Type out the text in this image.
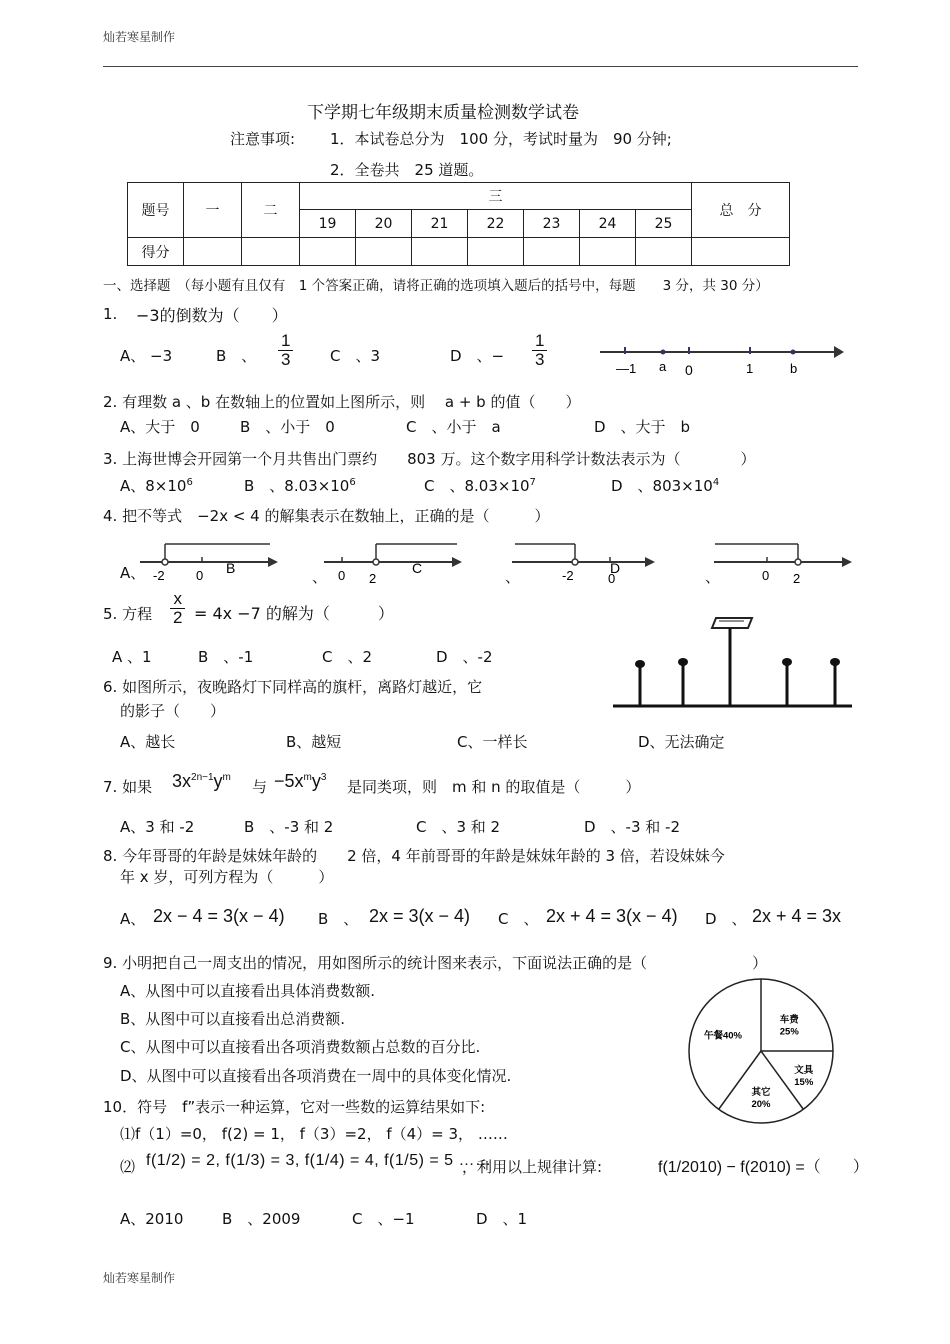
灿若寒星制作
灿若寒星制作
下学期七年级期末质量检测数学试卷
注意事项: 1．本试卷总分为　100 分，考试时量为　90 分钟;
2．全卷共　25 道题。
题号	一	二	三							总　分
			19	20	21	22	23	24	25	
得分										
一、选择题　（每小题有且仅有　1 个答案正确，请将正确的选项填入题后的括号中，每题　　3 分，共 30 分）
1. −3的倒数为（　　）
A、 −3	B　、 $\frac{1}{3}$ C　、3	D　、− $\frac{1}{3}$	—1 a 0	1	b
2. 有理数 a 、b 在数轴上的位置如上图所示，则　 a + b 的值（　　）
A、大于　0	B　、小于　0	C　、小于　a	D　、大于　b
3. 上海世博会开园第一个月共售出门票约　　803 万。这个数字用科学计数法表示为（　　　　）
A、$8\times 10^6$	B　、$8.03\times 10^6$	C　、$8.03\times 10^7$	D　、$803\times 10^4$
4. 把不等式　−2x < 4 的解集表示在数轴上，正确的是（　　　）
A、 -2 0 B	、 0 2
C	、	-2	0
D	、	0 2
5. 方程 $\frac{x}{2} = 4x -7$ 的解为（　　　）
A 、1	B　、-1	C　、2	D　、-2
6. 如图所示，夜晚路灯下同样高的旗杆，离路灯越近，它
的影子（　　）
A、越长	B、越短	C、一样长	D、无法确定
7. 如果 $3x^{2n-1}y^m$
与 $-5x^my^3$
是同类项，则　m 和 n 的取值是（　　　）
A、3 和 -2	B　、-3 和 2	C　、3 和 2	D　、-3 和 -2
8. 今年哥哥的年龄是妹妹年龄的　　2 倍，4 年前哥哥的年龄是妹妹年龄的 3 倍，若设妹妹今
年 x 岁，可列方程为（　　　）
A、 2x − 4 = 3(x − 4) B　、 2x = 3(x − 4) C　、 2x + 4 = 3(x − 4) D　、 2x + 4 = 3x
9. 小明把自己一周支出的情况，用如图所示的统计图来表示，下面说法正确的是（　　　　　　　）
A、从图中可以直接看出具体消费数额.
B、从图中可以直接看出总消费额.
C、从图中可以直接看出各项消费数额占总数的百分比.
D、从图中可以直接看出各项消费在一周中的具体变化情况.
午餐40%
车费 25%
文具 15%
其它 20%
10．符号　f”表示一种运算，它对一些数的运算结果如下:
⑴f（1）=0， f(2) = 1， f（3）=2， f（4）= 3， ……
⑵ f(1/2) = 2, f(1/3) = 3, f(1/4) = 4, f(1/5) = 5 ……
，利用以上规律计算:	f(1/2010) − f(2010) =（　　）
A、2010	B　、2009	C　、−1	D　、1
